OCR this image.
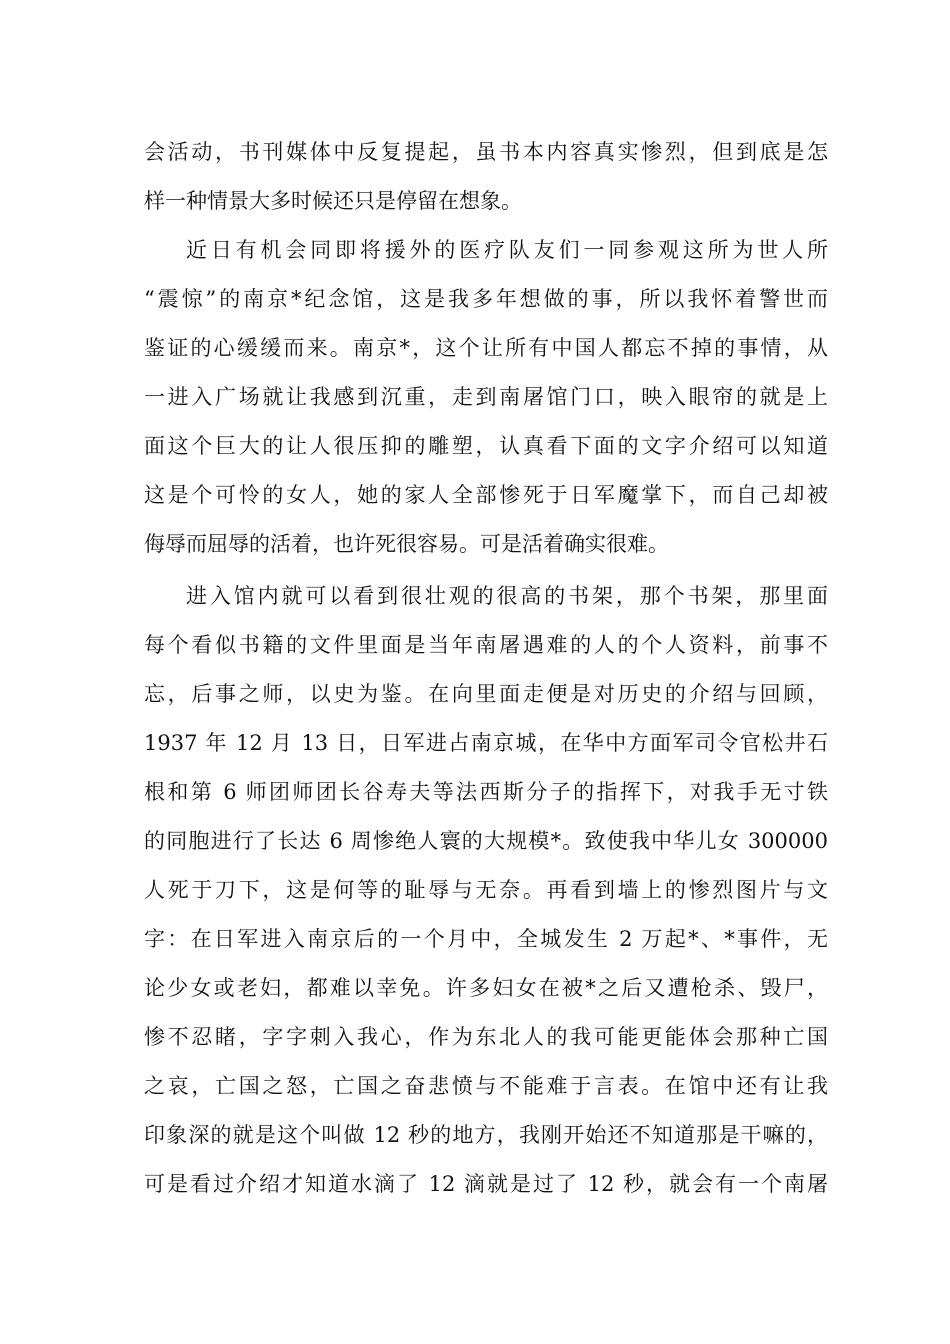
会活动，书刊媒体中反复提起，虽书本内容真实惨烈，但到底是怎
样一种情景大多时候还只是停留在想象。
近日有机会同即将援外的医疗队友们一同参观这所为世人所
“震惊”的南京*纪念馆，这是我多年想做的事，所以我怀着警世而
鉴证的心缓缓而来。南京*，这个让所有中国人都忘不掉的事情，从
一进入广场就让我感到沉重，走到南屠馆门口，映入眼帘的就是上
面这个巨大的让人很压抑的雕塑，认真看下面的文字介绍可以知道
这是个可怜的女人，她的家人全部惨死于日军魔掌下，而自己却被
侮辱而屈辱的活着，也许死很容易。可是活着确实很难。
进入馆内就可以看到很壮观的很高的书架，那个书架，那里面
每个看似书籍的文件里面是当年南屠遇难的人的个人资料，前事不
忘，后事之师，以史为鉴。在向里面走便是对历史的介绍与回顾，
1937 年 12 月 13 日，日军进占南京城，在华中方面军司令官松井石
根和第 6 师团师团长谷寿夫等法西斯分子的指挥下，对我手无寸铁
的同胞进行了长达 6 周惨绝人寰的大规模*。致使我中华儿女 300000
人死于刀下，这是何等的耻辱与无奈。再看到墙上的惨烈图片与文
字：在日军进入南京后的一个月中，全城发生 2 万起*、*事件，无
论少女或老妇，都难以幸免。许多妇女在被*之后又遭枪杀、毁尸，
惨不忍睹，字字刺入我心，作为东北人的我可能更能体会那种亡国
之哀，亡国之怒，亡国之奋悲愤与不能难于言表。在馆中还有让我
印象深的就是这个叫做 12 秒的地方，我刚开始还不知道那是干嘛的，
可是看过介绍才知道水滴了 12 滴就是过了 12 秒，就会有一个南屠
